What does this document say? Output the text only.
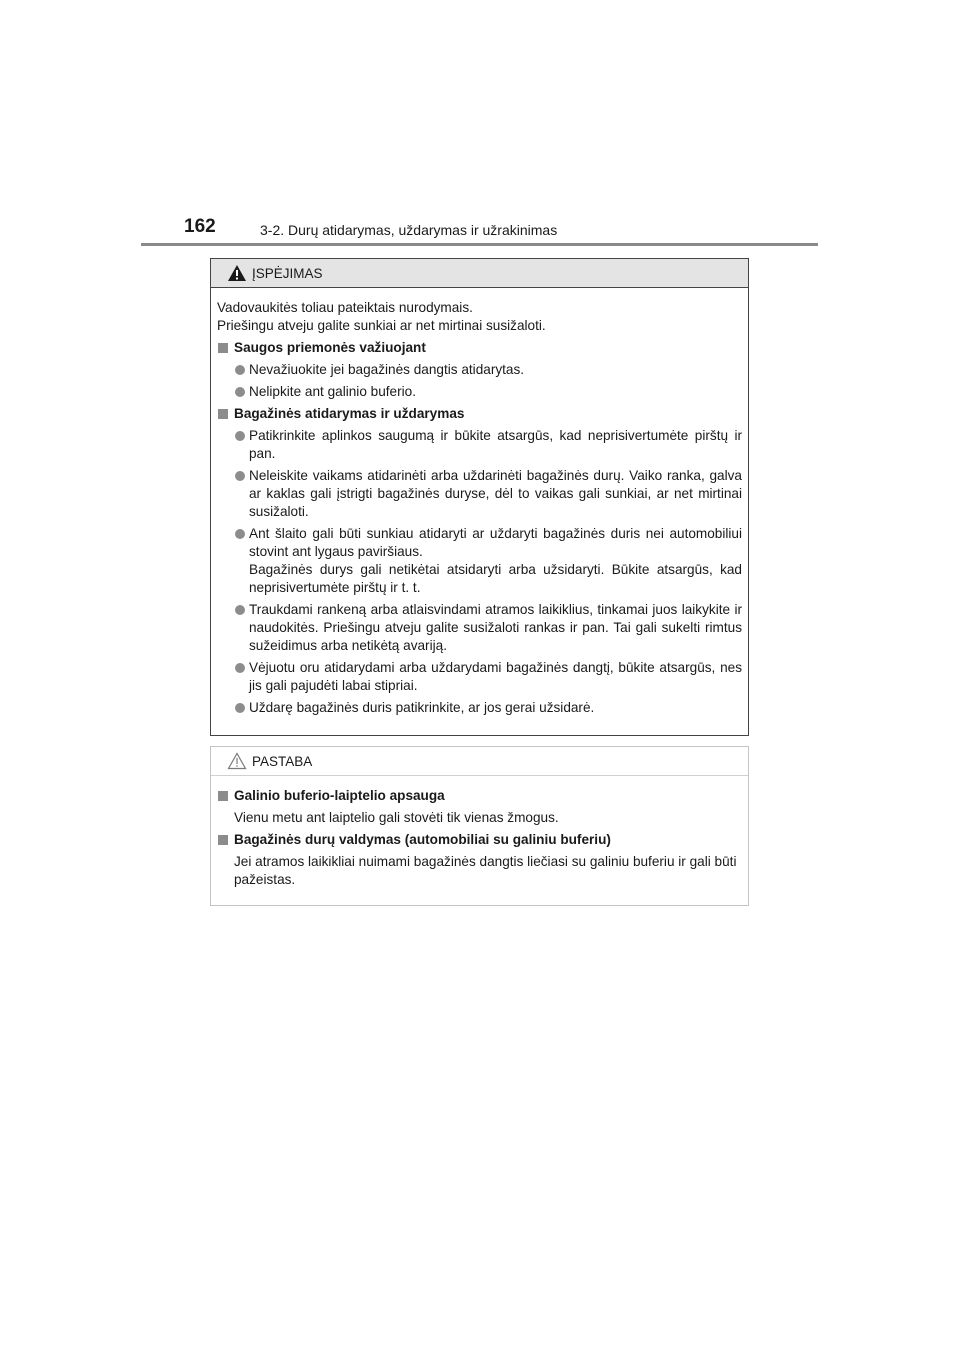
162	3-2. Durų atidarymas, uždarymas ir užrakinimas
ĮSPĖJIMAS
Vadovaukitės toliau pateiktais nurodymais.
Priešingu atveju galite sunkiai ar net mirtinai susižaloti.
Saugos priemonės važiuojant
Nevažiuokite jei bagažinės dangtis atidarytas.
Nelipkite ant galinio buferio.
Bagažinės atidarymas ir uždarymas
Patikrinkite aplinkos saugumą ir būkite atsargūs, kad neprisivertumėte pirštų ir pan.
Neleiskite vaikams atidarinėti arba uždarinėti bagažinės durų. Vaiko ranka, galva ar kaklas gali įstrigti bagažinės duryse, dėl to vaikas gali sunkiai, ar net mirtinai susižaloti.
Ant šlaito gali būti sunkiau atidaryti ar uždaryti bagažinės duris nei automobiliui stovint ant lygaus paviršiaus.
Bagažinės durys gali netikėtai atsidaryti arba užsidaryti. Būkite atsargūs, kad neprisivertumėte pirštų ir t. t.
Traukdami rankeną arba atlaisvindami atramos laikiklius, tinkamai juos laikykite ir naudokitės. Priešingu atveju galite susižaloti rankas ir pan. Tai gali sukelti rimtus sužeidimus arba netikėtą avariją.
Vėjuotu oru atidarydami arba uždarydami bagažinės dangtį, būkite atsargūs, nes jis gali pajudėti labai stipriai.
Uždarę bagažinės duris patikrinkite, ar jos gerai užsidarė.
PASTABA
Galinio buferio-laiptelio apsauga
Vienu metu ant laiptelio gali stovėti tik vienas žmogus.
Bagažinės durų valdymas (automobiliai su galiniu buferiu)
Jei atramos laikikliai nuimami bagažinės dangtis liečiasi su galiniu buferiu ir gali būti pažeistas.
